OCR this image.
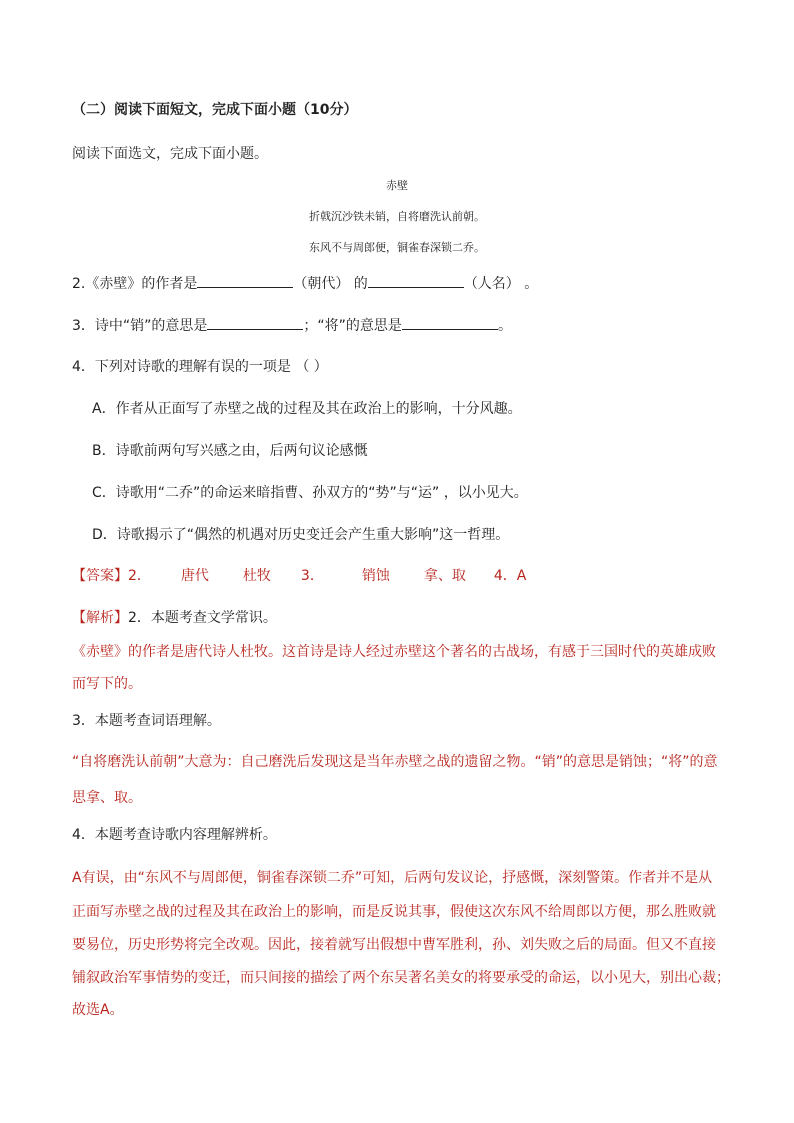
（二）阅读下面短文，完成下面小题（10分）
阅读下面选文，完成下面小题。
赤壁
折戟沉沙铁未销，自将磨洗认前朝。
东风不与周郎便，铜雀春深锁二乔。
2.《赤壁》的作者是	（朝代） 的	（人名） 。
3．诗中“销”的意思是	；“将”的意思是	。
4．下列对诗歌的理解有误的一项是 （ ）
A．作者从正面写了赤壁之战的过程及其在政治上的影响，十分风趣。
B．诗歌前两句写兴感之由，后两句议论感慨
C．诗歌用“二乔”的命运来暗指曹、孙双方的“势”与“运” ，以小见大。
D．诗歌揭示了“偶然的机遇对历史变迁会产生重大影响”这一哲理。
【答案】2． 唐代 杜牧 3．	销蚀 拿、取 4．A
【解析】2．本题考查文学常识。
《赤壁》的作者是唐代诗人杜牧。这首诗是诗人经过赤壁这个著名的古战场，有感于三国时代的英雄成败
而写下的。
3．本题考查词语理解。
“自将磨洗认前朝”大意为：自己磨洗后发现这是当年赤壁之战的遗留之物。“销”的意思是销蚀；“将”的意
思拿、取。
4．本题考查诗歌内容理解辨析。
A有误，由“东风不与周郎便，铜雀春深锁二乔”可知，后两句发议论，抒感慨，深刻警策。作者并不是从
正面写赤壁之战的过程及其在政治上的影响，而是反说其事，假使这次东风不给周郎以方便，那么胜败就
要易位，历史形势将完全改观。因此，接着就写出假想中曹军胜利，孙、刘失败之后的局面。但又不直接
铺叙政治军事情势的变迁，而只间接的描绘了两个东吴著名美女的将要承受的命运，以小见大，别出心裁；
故选A。
